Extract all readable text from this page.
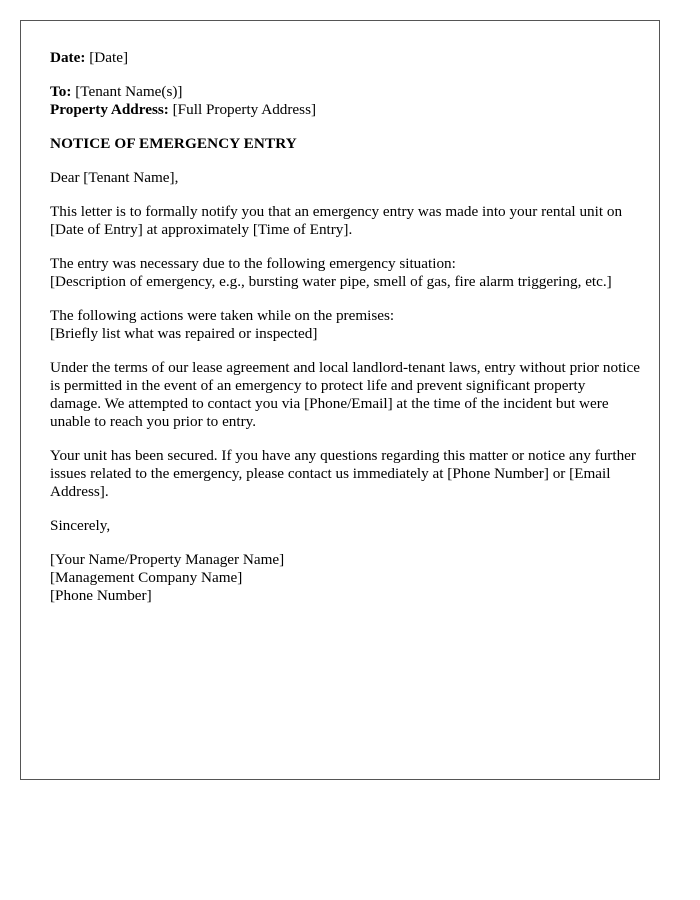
Date: [Date]

To: [Tenant Name(s)]
Property Address: [Full Property Address]

NOTICE OF EMERGENCY ENTRY

Dear [Tenant Name],

This letter is to formally notify you that an emergency entry was made into your rental unit on [Date of Entry] at approximately [Time of Entry].

The entry was necessary due to the following emergency situation:
[Description of emergency, e.g., bursting water pipe, smell of gas, fire alarm triggering, etc.]

The following actions were taken while on the premises:
[Briefly list what was repaired or inspected]

Under the terms of our lease agreement and local landlord-tenant laws, entry without prior notice is permitted in the event of an emergency to protect life and prevent significant property damage. We attempted to contact you via [Phone/Email] at the time of the incident but were unable to reach you prior to entry.

Your unit has been secured. If you have any questions regarding this matter or notice any further issues related to the emergency, please contact us immediately at [Phone Number] or [Email Address].

Sincerely,

[Your Name/Property Manager Name]
[Management Company Name]
[Phone Number]
